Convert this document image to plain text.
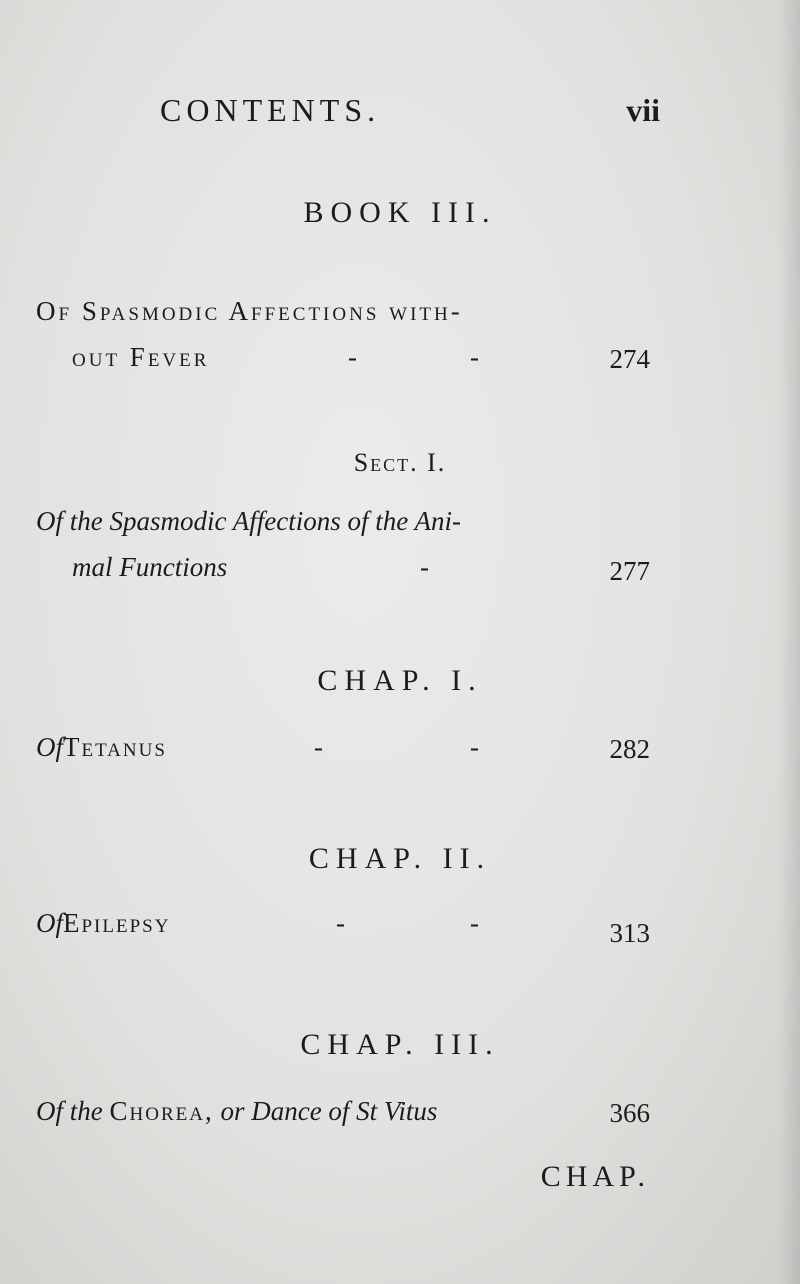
CONTENTS.	vii
BOOK III.
Of Spasmodic Affections with-
out Fever	-	-	274
Sect. I.
Of the Spasmodic Affections of the Ani-
mal Functions	-	277
CHAP. I.
OfTetanus	-	-	282
CHAP. II.
OfEpilepsy	-	-	313
CHAP. III.
Of the Chorea, or Dance of St Vitus	366
CHAP.
